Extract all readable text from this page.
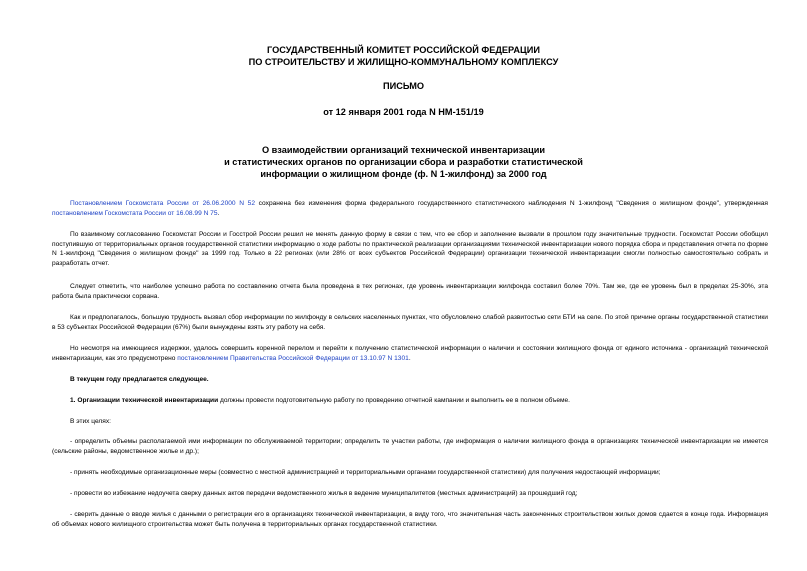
ГОСУДАРСТВЕННЫЙ КОМИТЕТ РОССИЙСКОЙ ФЕДЕРАЦИИ

ПО СТРОИТЕЛЬСТВУ И ЖИЛИЩНО-КОММУНАЛЬНОМУ КОМПЛЕКСУ

ПИСЬМО

от 12 января 2001 года N НМ-151/19

О взаимодействии организаций технической инвентаризации

и статистических органов по организации сбора и разработки статистической

информации о жилищном фонде (ф. N 1-жилфонд) за 2000 год

Постановлением Госкомстата России от 26.06.2000 N 52 сохранена без изменения форма федерального государственного статистического наблюдения N 1-жилфонд "Сведения о жилищном фонде", утвержденная постановлением Госкомстата России от 16.08.99 N 75.

По взаимному согласованию Госкомстат России и Госстрой России решил не менять данную форму в связи с тем, что ее сбор и заполнение вызвали в прошлом году значительные трудности. Госкомстат России обобщил поступившую от территориальных органов государственной статистики информацию о ходе работы по практической реализации организациями технической инвентаризации нового порядка сбора и представления отчета по форме N 1-жилфонд "Сведения о жилищном фонде" за 1999 год. Только в 22 регионах (или 28% от всех субъектов Российской Федерации) организации технической инвентаризации смогли полностью самостоятельно собрать и разработать отчет.

Следует отметить, что наиболее успешно работа по составлению отчета была проведена в тех регионах, где уровень инвентаризации жилфонда составил более 70%. Там же, где ее уровень был в пределах 25-30%, эта работа была практически сорвана.

Как и предполагалось, большую трудность вызвал сбор информации по жилфонду в сельских населенных пунктах, что обусловлено слабой развитостью сети БТИ на селе. По этой причине органы государственной статистики в 53 субъектах Российской Федерации (67%) были вынуждены взять эту работу на себя.

Но несмотря на имеющиеся издержки, удалось совершить коренной перелом и перейти к получению статистической информации о наличии и состоянии жилищного фонда от единого источника - организаций технической инвентаризации, как это предусмотрено постановлением Правительства Российской Федерации от 13.10.97 N 1301.

В текущем году предлагается следующее.

1. Организации технической инвентаризации должны провести подготовительную работу по проведению отчетной кампании и выполнить ее в полном объеме.

В этих целях:

- определить объемы располагаемой ими информации по обслуживаемой территории; определить те участки работы, где информация о наличии жилищного фонда в организациях технической инвентаризации не имеется (сельские районы, ведомственное жилье и др.);

- принять необходимые организационные меры (совместно с местной администрацией и территориальными органами государственной статистики) для получения недостающей информации;

- провести во избежание недоучета сверку данных актов передачи ведомственного жилья в ведение муниципалитетов (местных администраций) за прошедший год;

- сверить данные о вводе жилья с данными о регистрации его в организациях технической инвентаризации, в виду того, что значительная часть законченных строительством жилых домов сдается в конце года. Информация об объемах нового жилищного строительства может быть получена в территориальных органах государственной статистики.
